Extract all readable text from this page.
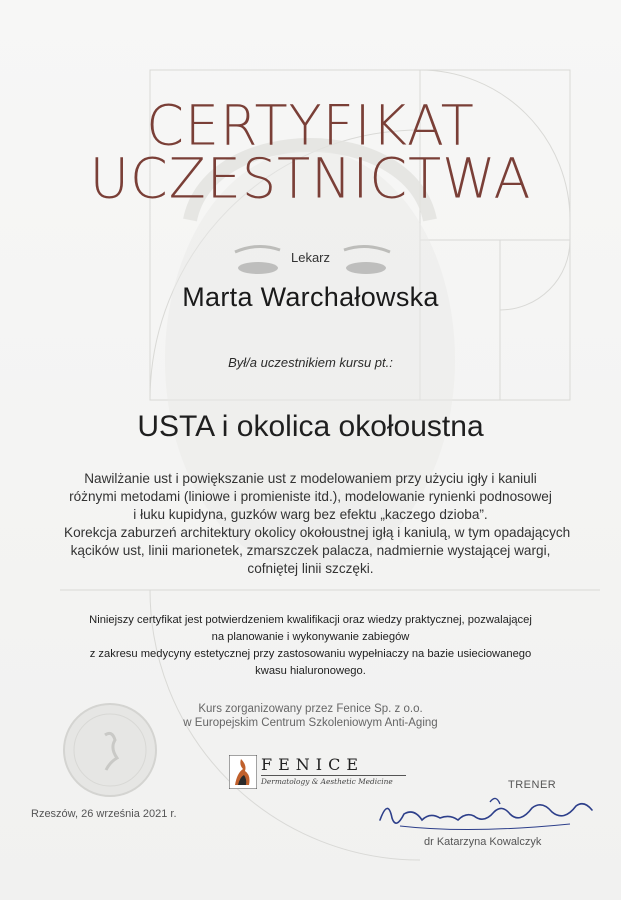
CERTYFIKAT
UCZESTNICTWA
Lekarz
Marta Warchałowska
Był/a uczestnikiem kursu pt.:
USTA i okolica okołoustna
Nawilżanie ust i powiększanie ust z modelowaniem przy użyciu igły i kaniuli
różnymi metodami (liniowe i promieniste itd.), modelowanie rynienki podnosowej
i łuku kupidyna, guzków warg bez efektu „kaczego dzioba”.
Korekcja zaburzeń architektury okolicy okołoustnej igłą i kaniulą, w tym opadających
kącików ust, linii marionetek, zmarszczek palacza, nadmiernie wystającej wargi,
cofniętej linii szczęki.
Niniejszy certyfikat jest potwierdzeniem kwalifikacji oraz wiedzy praktycznej, pozwalającej
na planowanie i wykonywanie zabiegów
z zakresu medycyny estetycznej przy zastosowaniu wypełniaczy na bazie usieciowanego
kwasu hialuronowego.
Kurs zorganizowany przez Fenice Sp. z o.o.
w Europejskim Centrum Szkoleniowym Anti-Aging
FENICE
Dermatology & Aesthetic Medicine
Rzeszów, 26 września 2021 r.
TRENER
dr Katarzyna Kowalczyk
